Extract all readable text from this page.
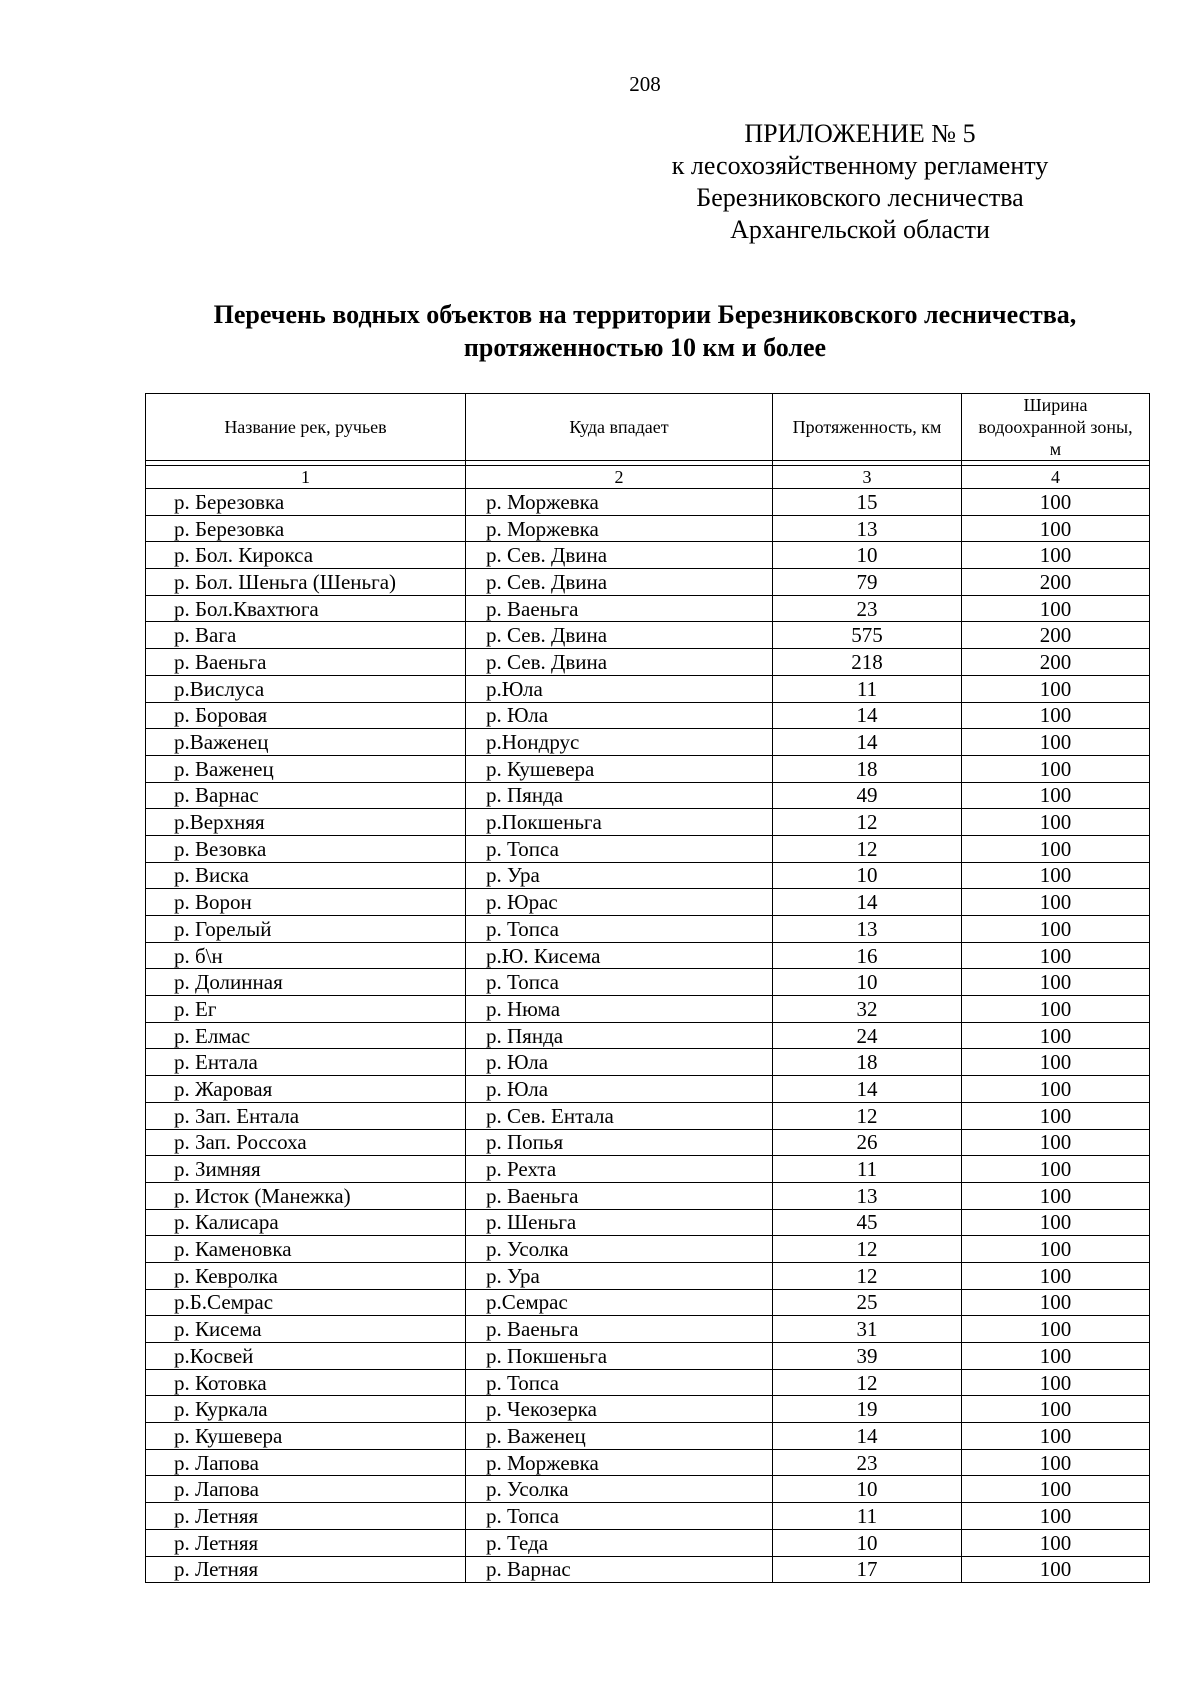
208
ПРИЛОЖЕНИЕ № 5
к лесохозяйственному регламенту
Березниковского лесничества
Архангельской области
Перечень водных объектов на территории Березниковского лесничества,
протяженностью 10 км и более
Название рек, ручьев	Куда впадает	Протяженность, км	Ширина
водоохранной зоны,
м

1	2	3	4
р. Березовка	р. Моржевка	15	100
р. Березовка	р. Моржевка	13	100
р. Бол. Кирокса	р. Сев. Двина	10	100
р. Бол. Шеньга (Шеньга)	р. Сев. Двина	79	200
р. Бол.Квахтюга	р. Ваеньга	23	100
р. Вага	р. Сев. Двина	575	200
р. Ваеньга	р. Сев. Двина	218	200
р.Вислуса	р.Юла	11	100
р. Боровая	р. Юла	14	100
р.Важенец	р.Нондрус	14	100
р. Важенец	р. Кушевера	18	100
р. Варнас	р. Пянда	49	100
р.Верхняя	р.Покшеньга	12	100
р. Везовка	р. Топса	12	100
р. Виска	р. Ура	10	100
р. Ворон	р. Юрас	14	100
р. Горелый	р. Топса	13	100
р. б\н	р.Ю. Кисема	16	100
р. Долинная	р. Топса	10	100
р. Ег	р. Нюма	32	100
р. Елмас	р. Пянда	24	100
р. Ентала	р. Юла	18	100
р. Жаровая	р. Юла	14	100
р. Зап. Ентала	р. Сев. Ентала	12	100
р. Зап. Россоха	р. Попья	26	100
р. Зимняя	р. Рехта	11	100
р. Исток (Манежка)	р. Ваеньга	13	100
р. Калисара	р. Шеньга	45	100
р. Каменовка	р. Усолка	12	100
р. Кевролка	р. Ура	12	100
р.Б.Семрас	р.Семрас	25	100
р. Кисема	р. Ваеньга	31	100
р.Косвей	р. Покшеньга	39	100
р. Котовка	р. Топса	12	100
р. Куркала	р. Чекозерка	19	100
р. Кушевера	р. Важенец	14	100
р. Лапова	р. Моржевка	23	100
р. Лапова	р. Усолка	10	100
р. Летняя	р. Топса	11	100
р. Летняя	р. Теда	10	100
р. Летняя	р. Варнас	17	100
